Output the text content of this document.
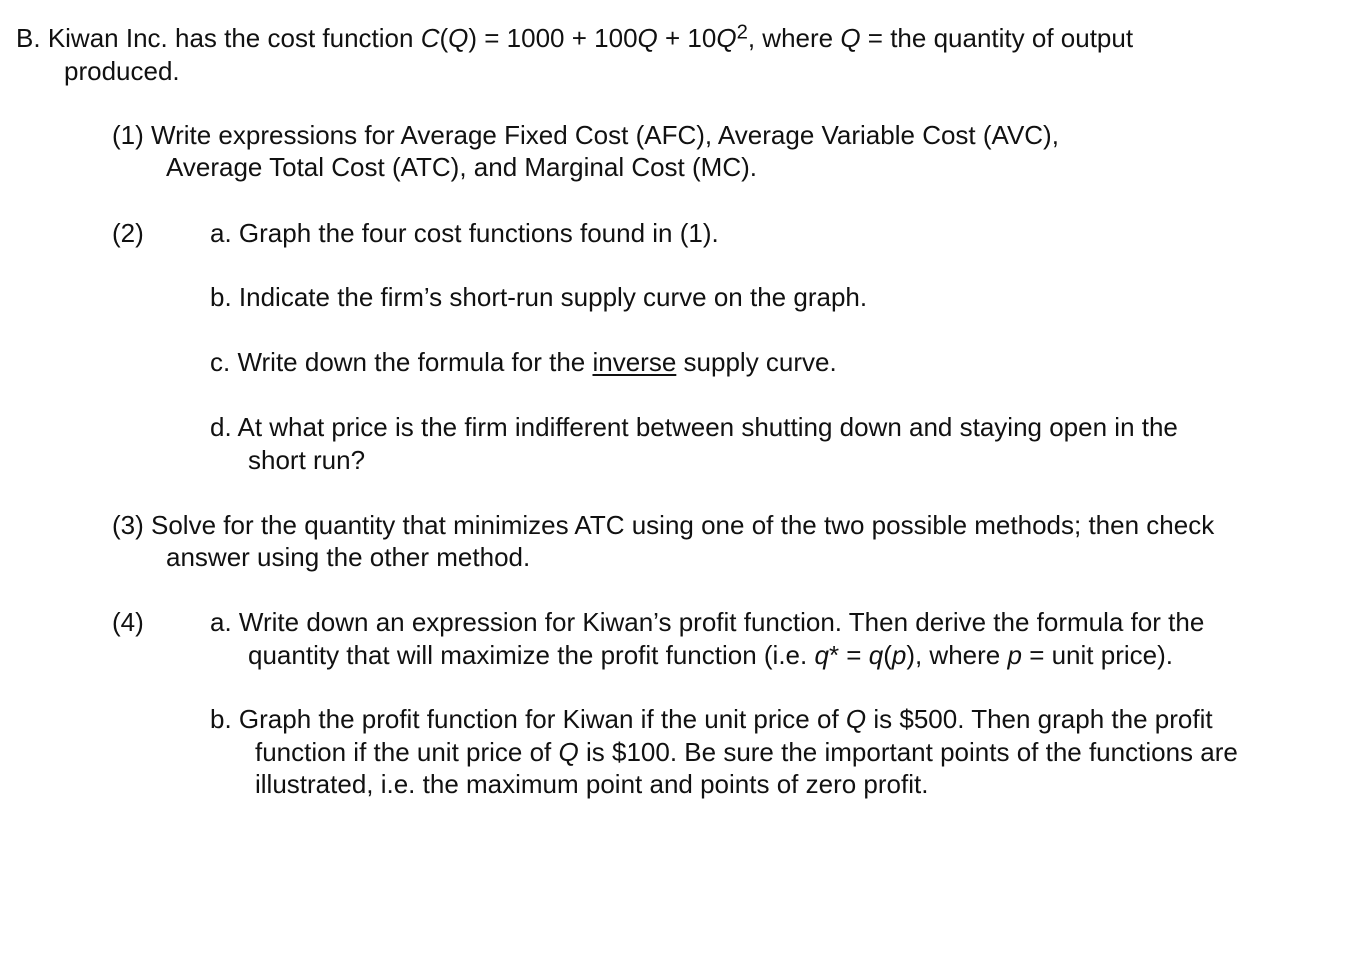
B. Kiwan Inc. has the cost function $C(Q) = 1000 + 100Q + 10Q^2$, where Q = the quantity of output
produced.
(1) Write expressions for Average Fixed Cost (AFC), Average Variable Cost (AVC),
Average Total Cost (ATC), and Marginal Cost (MC).
(2)	a. Graph the four cost functions found in (1).
b. Indicate the firm’s short-run supply curve on the graph.
c. Write down the formula for the inverse supply curve.
d. At what price is the firm indifferent between shutting down and staying open in the
short run?
(3) Solve for the quantity that minimizes ATC using one of the two possible methods; then check
answer using the other method.
(4)	a. Write down an expression for Kiwan’s profit function. Then derive the formula for the
quantity that will maximize the profit function (i.e. q* = q(p), where p = unit price).
b. Graph the profit function for Kiwan if the unit price of Q is $500. Then graph the profit
function if the unit price of Q is $100. Be sure the important points of the functions are
illustrated, i.e. the maximum point and points of zero profit.
